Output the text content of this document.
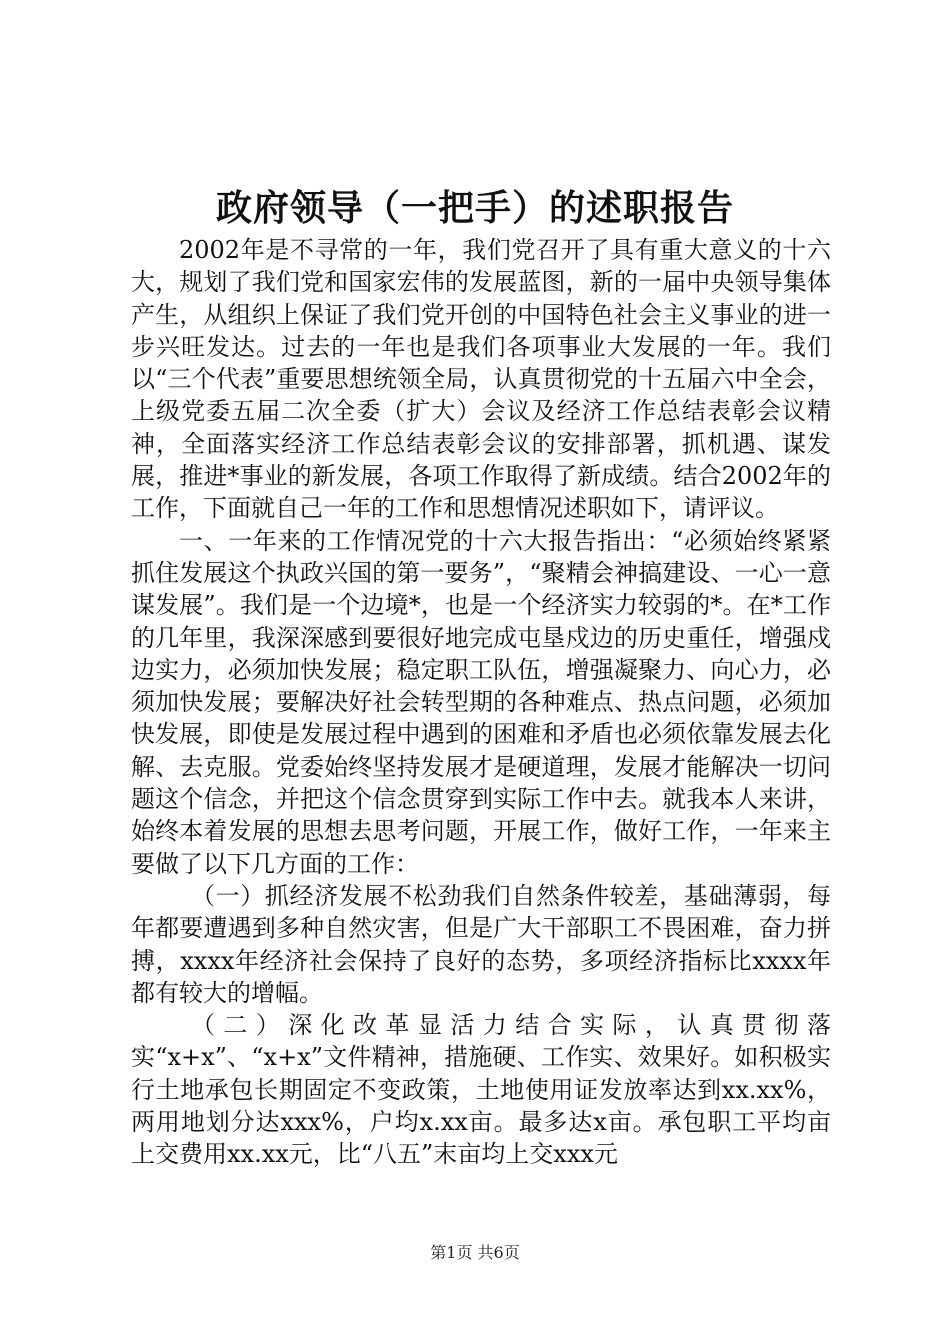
政府领导（一把手）的述职报告

2002年是不寻常的一年，我们党召开了具有重大意义的十六大，规划了我们党和国家宏伟的发展蓝图，新的一届中央领导集体产生，从组织上保证了我们党开创的中国特色社会主义事业的进一步兴旺发达。过去的一年也是我们各项事业大发展的一年。我们以“三个代表”重要思想统领全局，认真贯彻党的十五届六中全会，上级党委五届二次全委（扩大）会议及经济工作总结表彰会议精神，全面落实经济工作总结表彰会议的安排部署，抓机遇、谋发展，推进*事业的新发展，各项工作取得了新成绩。结合2002年的工作，下面就自己一年的工作和思想情况述职如下，请评议。

一、一年来的工作情况党的十六大报告指出：“必须始终紧紧抓住发展这个执政兴国的第一要务”，“聚精会神搞建设、一心一意谋发展”。我们是一个边境*，也是一个经济实力较弱的*。在*工作的几年里，我深深感到要很好地完成屯垦戍边的历史重任，增强戍边实力，必须加快发展；稳定职工队伍，增强凝聚力、向心力，必须加快发展；要解决好社会转型期的各种难点、热点问题，必须加快发展，即使是发展过程中遇到的困难和矛盾也必须依靠发展去化解、去克服。党委始终坚持发展才是硬道理，发展才能解决一切问题这个信念，并把这个信念贯穿到实际工作中去。就我本人来讲，始终本着发展的思想去思考问题，开展工作，做好工作，一年来主要做了以下几方面的工作：

（一）抓经济发展不松劲我们自然条件较差，基础薄弱，每年都要遭遇到多种自然灾害，但是广大干部职工不畏困难，奋力拼搏，xxxx年经济社会保持了良好的态势，多项经济指标比xxxx年都有较大的增幅。

（二）深化改革显活力结合实际，认真贯彻落实“x+x”、“x+x”文件精神，措施硬、工作实、效果好。如积极实行土地承包长期固定不变政策，土地使用证发放率达到xx.xx%，两用地划分达xxx%，户均x.xx亩。最多达x亩。承包职工平均亩上交费用xx.xx元，比“八五”末亩均上交xxx元

第1页 共6页
